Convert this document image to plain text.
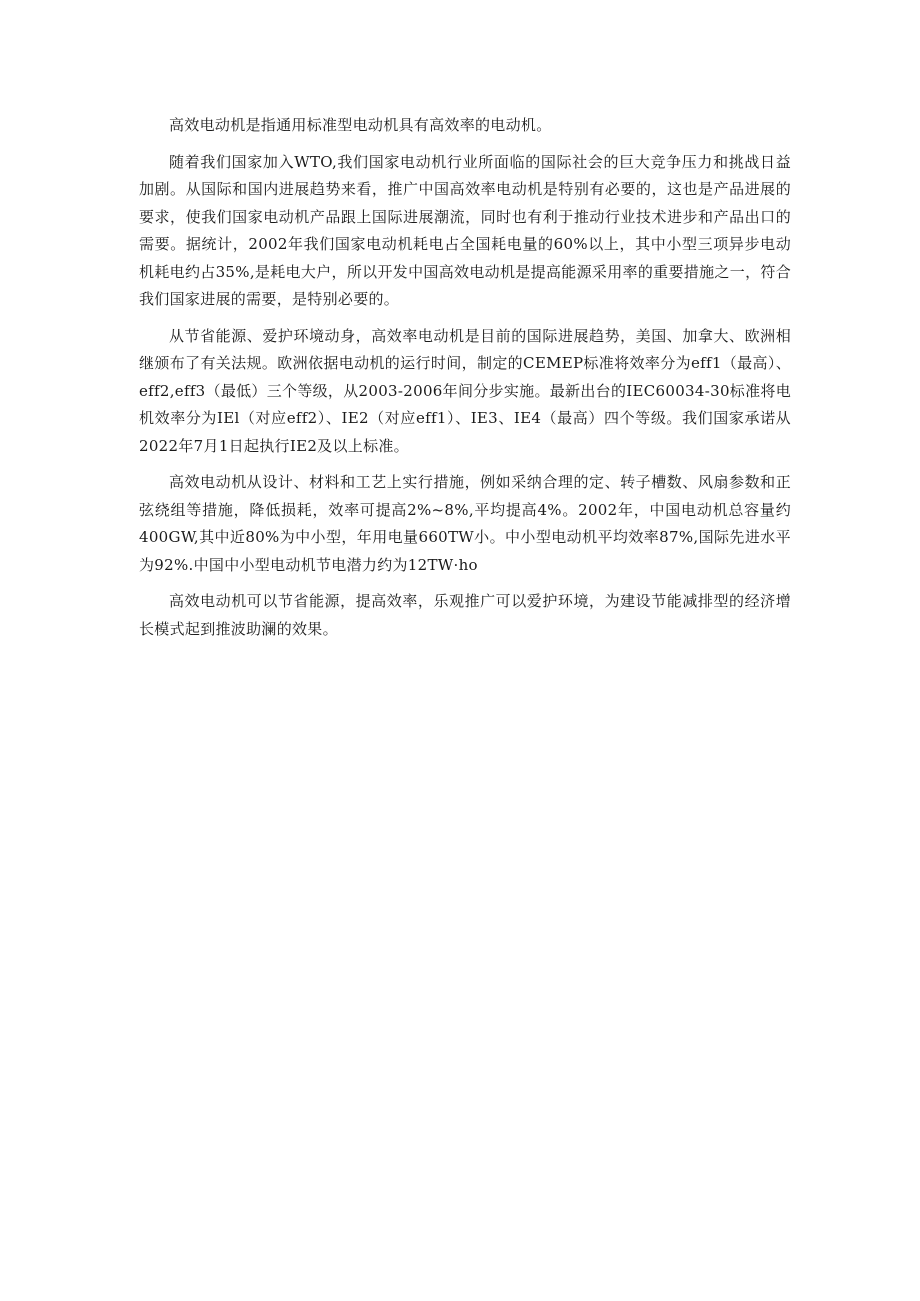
高效电动机是指通用标准型电动机具有高效率的电动机。

随着我们国家加入WTO,我们国家电动机行业所面临的国际社会的巨大竞争压力和挑战日益加剧。从国际和国内进展趋势来看，推广中国高效率电动机是特别有必要的，这也是产品进展的要求，使我们国家电动机产品跟上国际进展潮流，同时也有利于推动行业技术进步和产品出口的需要。据统计，2002年我们国家电动机耗电占全国耗电量的60%以上，其中小型三项异步电动机耗电约占35%,是耗电大户，所以开发中国高效电动机是提高能源采用率的重要措施之一，符合我们国家进展的需要，是特别必要的。

从节省能源、爱护环境动身，高效率电动机是目前的国际进展趋势，美国、加拿大、欧洲相继颁布了有关法规。欧洲依据电动机的运行时间，制定的CEMEP标准将效率分为eff1（最高）、eff2,eff3（最低）三个等级，从2003-2006年间分步实施。最新出台的IEC60034-30标准将电机效率分为IEl（对应eff2）、IE2（对应eff1）、IE3、IE4（最高）四个等级。我们国家承诺从2022年7月1日起执行IE2及以上标准。

高效电动机从设计、材料和工艺上实行措施，例如采纳合理的定、转子槽数、风扇参数和正弦绕组等措施，降低损耗，效率可提高2%~8%,平均提高4%。2002年，中国电动机总容量约400GW,其中近80%为中小型，年用电量660TW小。中小型电动机平均效率87%,国际先进水平为92%.中国中小型电动机节电潜力约为12TW·ho

高效电动机可以节省能源，提高效率，乐观推广可以爱护环境，为建设节能减排型的经济增长模式起到推波助澜的效果。
